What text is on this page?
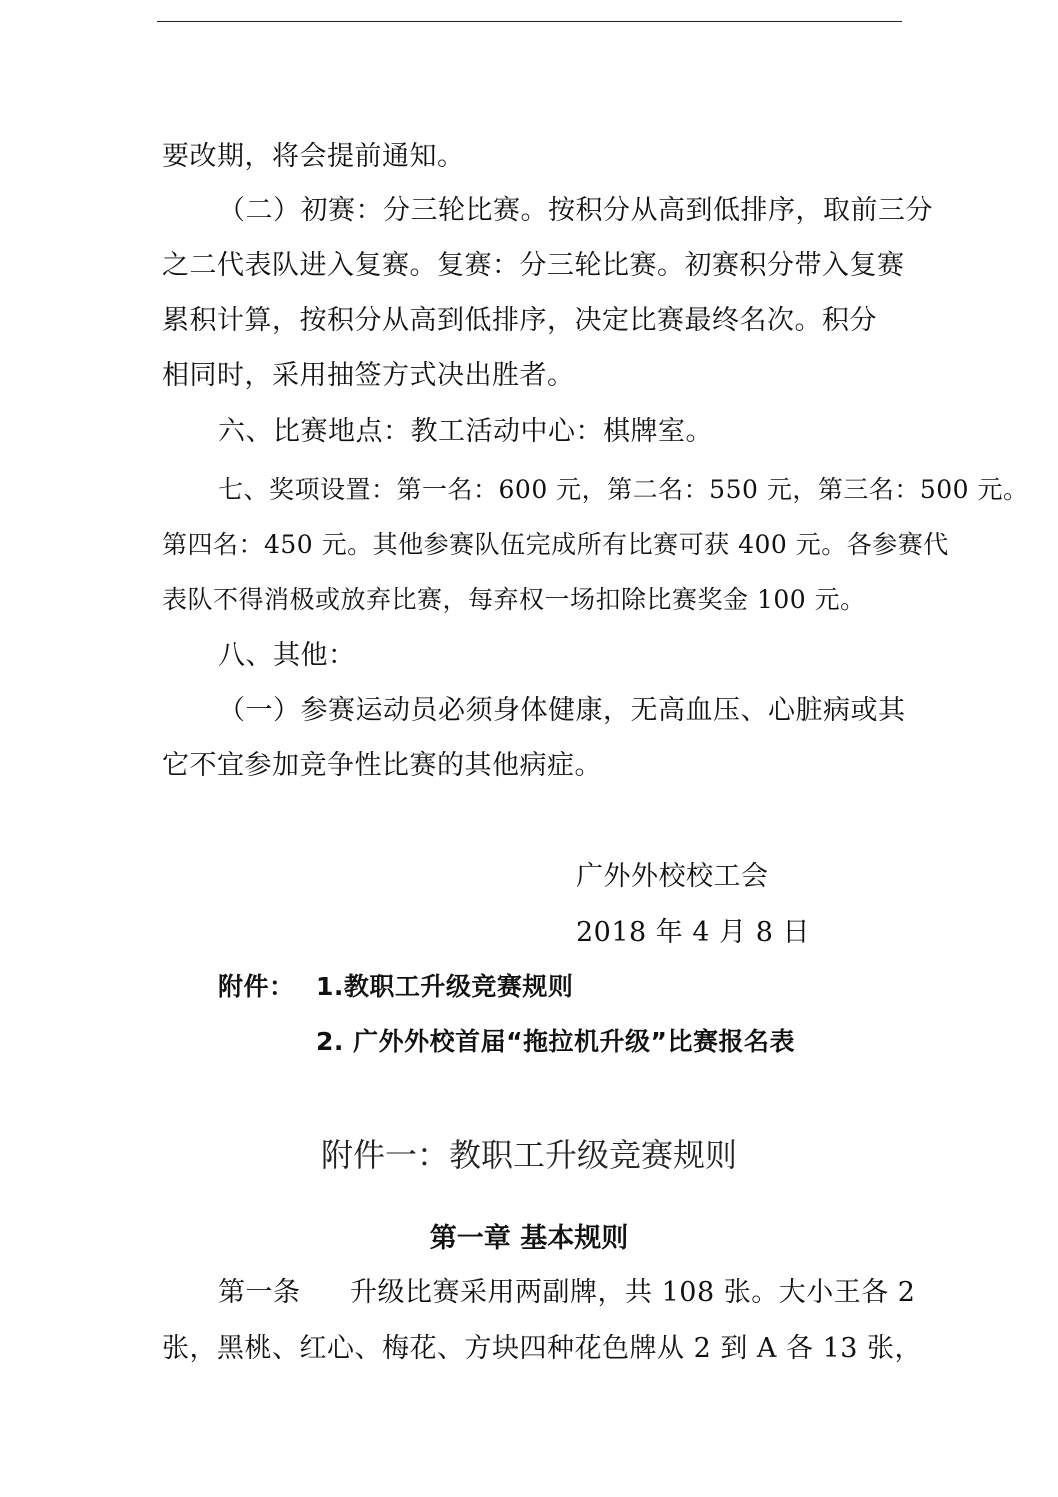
要改期，将会提前通知。
（二）初赛：分三轮比赛。按积分从高到低排序，取前三分
之二代表队进入复赛。复赛：分三轮比赛。初赛积分带入复赛
累积计算，按积分从高到低排序，决定比赛最终名次。积分
相同时，采用抽签方式决出胜者。
六、比赛地点：教工活动中心：棋牌室。
七、奖项设置：第一名：600 元，第二名：550 元，第三名：500 元。
第四名：450 元。其他参赛队伍完成所有比赛可获 400 元。各参赛代
表队不得消极或放弃比赛，每弃权一场扣除比赛奖金 100 元。
八、其他：
（一）参赛运动员必须身体健康，无高血压、心脏病或其
它不宜参加竞争性比赛的其他病症。
广外外校校工会
2018 年 4 月 8 日
附件： 1.教职工升级竞赛规则
2. 广外外校首届“拖拉机升级”比赛报名表
附件一：教职工升级竞赛规则
第一章 基本规则
第一条 升级比赛采用两副牌，共 108 张。大小王各 2
张，黑桃、红心、梅花、方块四种花色牌从 2 到 A 各 13 张，
